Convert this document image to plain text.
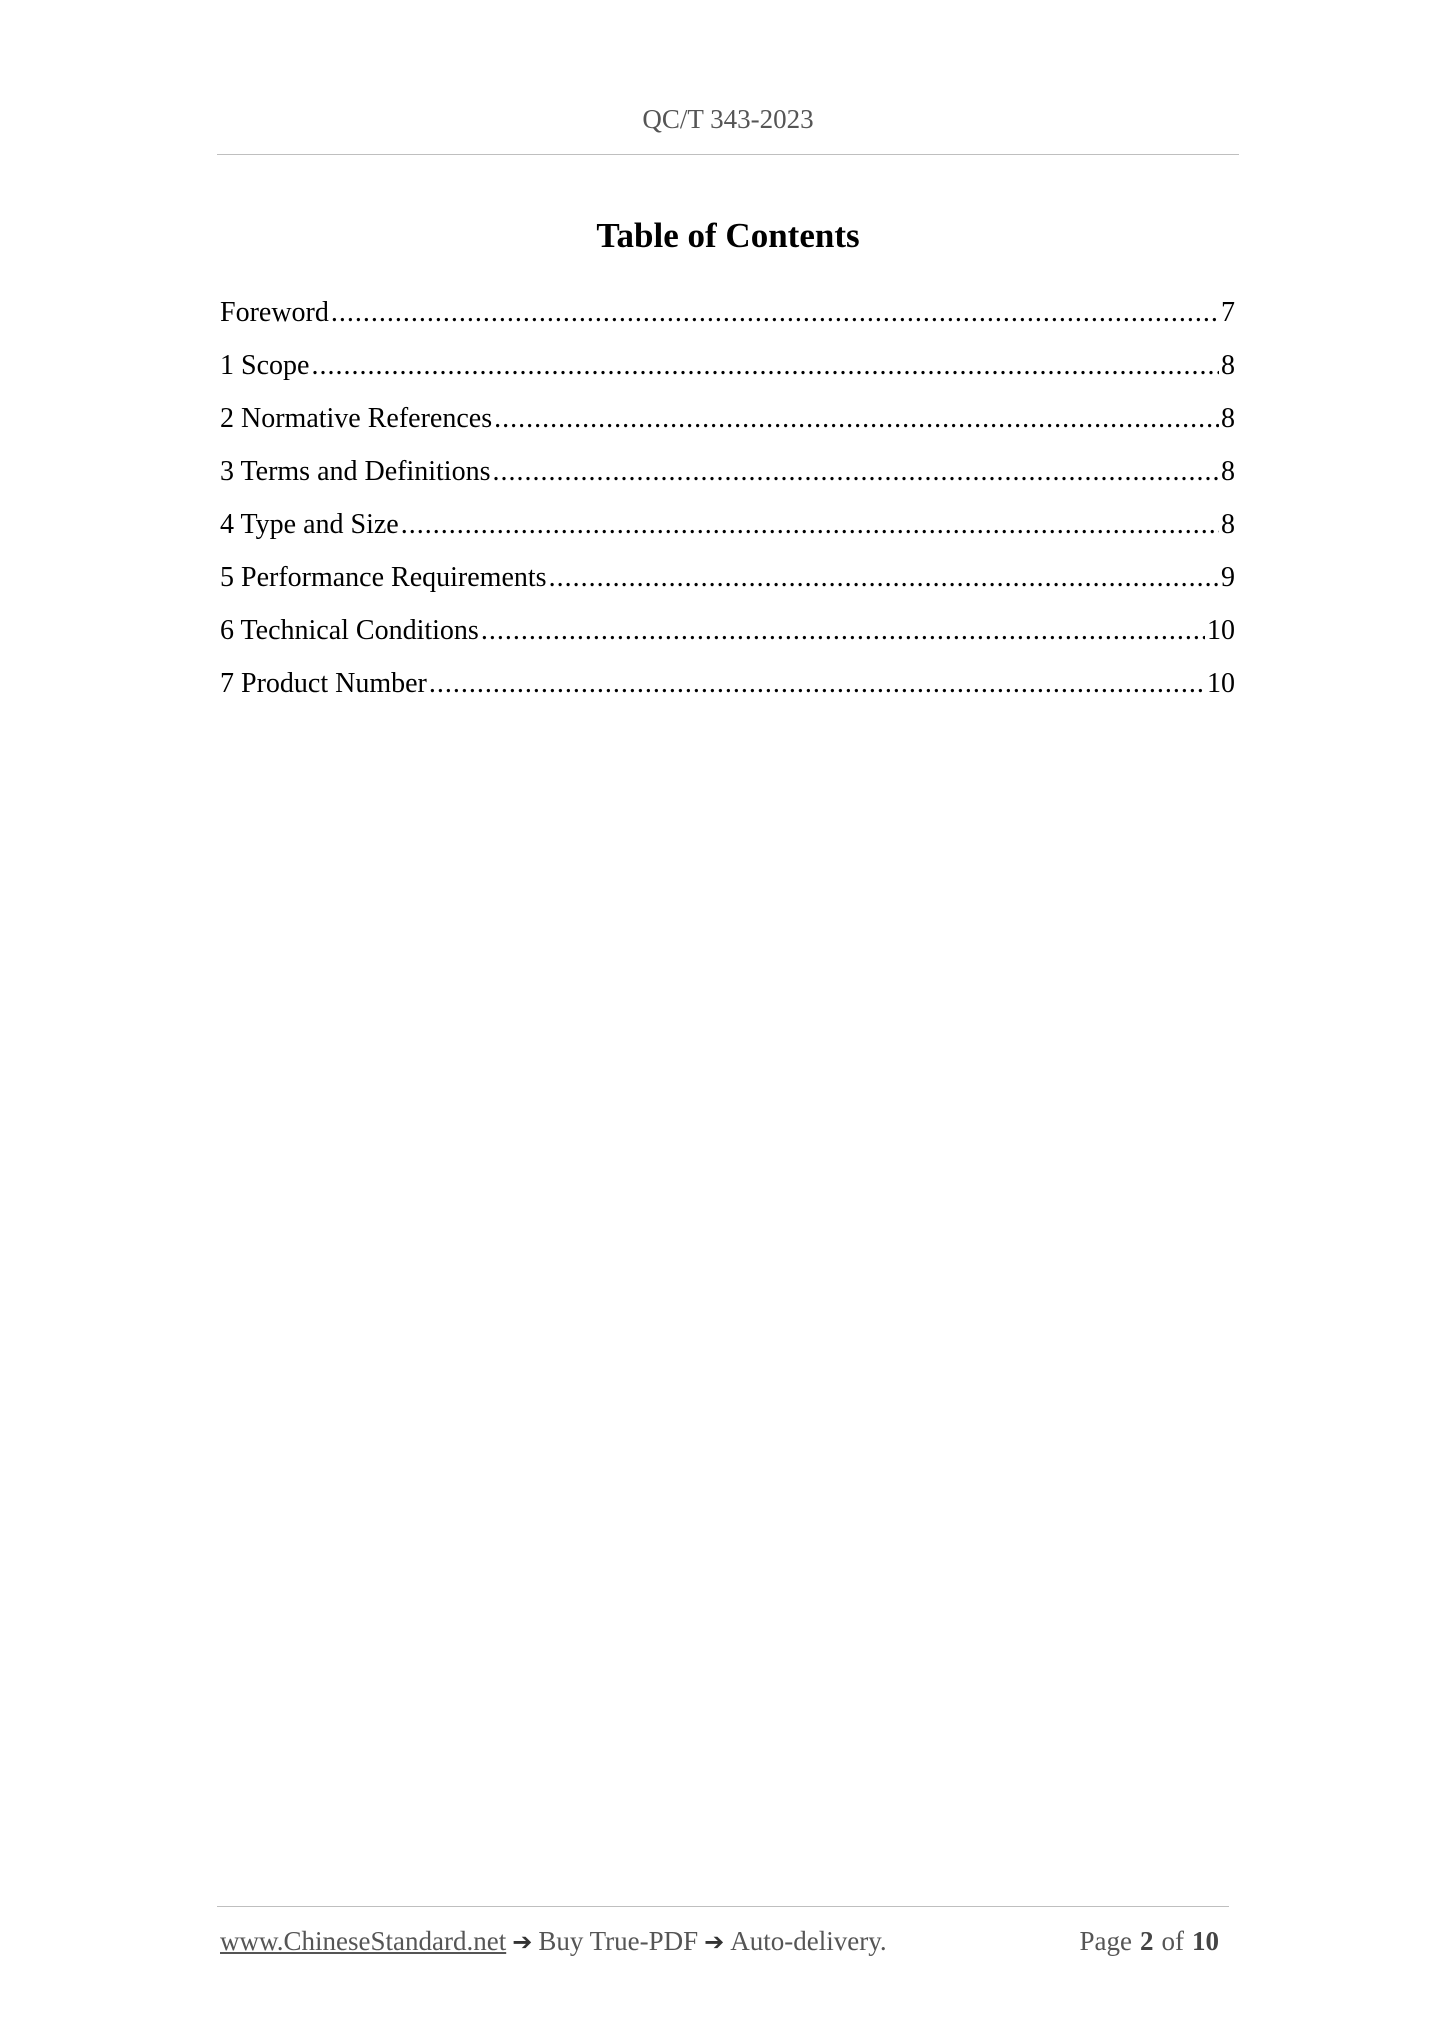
QC/T 343-2023
Table of Contents
Foreword .....	7
1 Scope .....	8
2 Normative References .....	8
3 Terms and Definitions .....	8
4 Type and Size .....	8
5 Performance Requirements .....	9
6 Technical Conditions .....	10
7 Product Number .....	10
www.ChineseStandard.net ➔ Buy True-PDF ➔ Auto-delivery.	Page 2 of 10
